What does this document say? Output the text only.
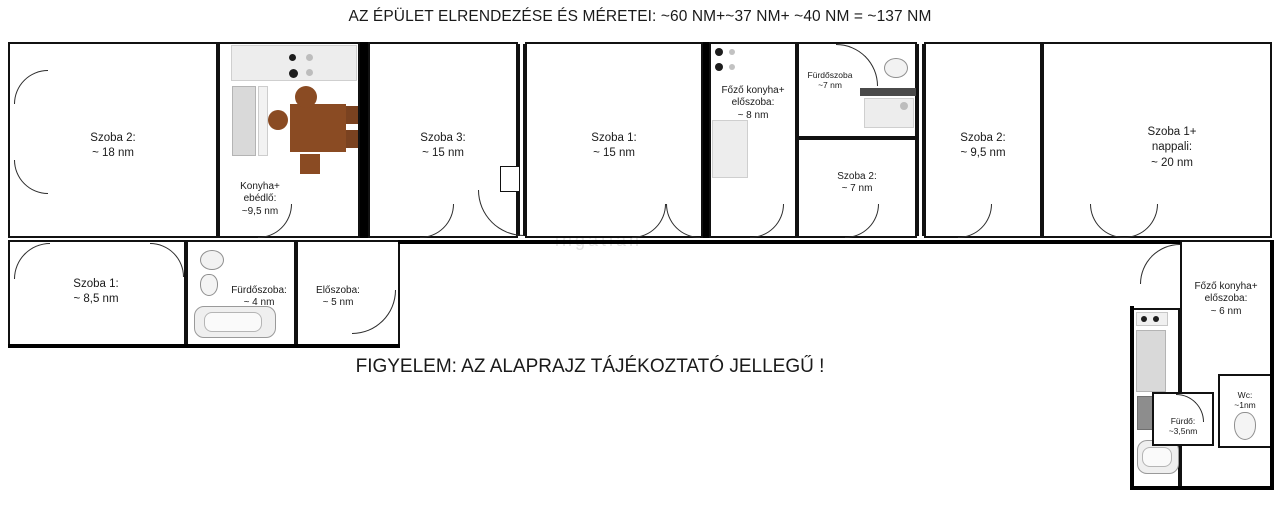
AZ ÉPÜLET ELRENDEZÉSE ÉS MÉRETEI: ~60 NM+~37 NM+ ~40 NM = ~137 NM
FIGYELEM: AZ ALAPRAJZ TÁJÉKOZTATÓ JELLEGŰ !

Szoba 2:
~ 18 nm

Konyha+
ebédlő:
~9,5 nm

Szoba 3:
~ 15 nm

Szoba 1:
~ 15 nm

Főző konyha+
előszoba:
~ 8 nm

Fürdőszoba
~7 nm

Szoba 2:
~ 7 nm

Szoba 2:
~ 9,5 nm

Szoba 1+
nappali:
~ 20 nm

Szoba 1:
~ 8,5 nm

Fürdőszoba:
~ 4 nm

Előszoba:
~ 5 nm

Főző konyha+
előszoba:
~ 6 nm

Fürdő:
~3,5nm

Wc:
~1nm
